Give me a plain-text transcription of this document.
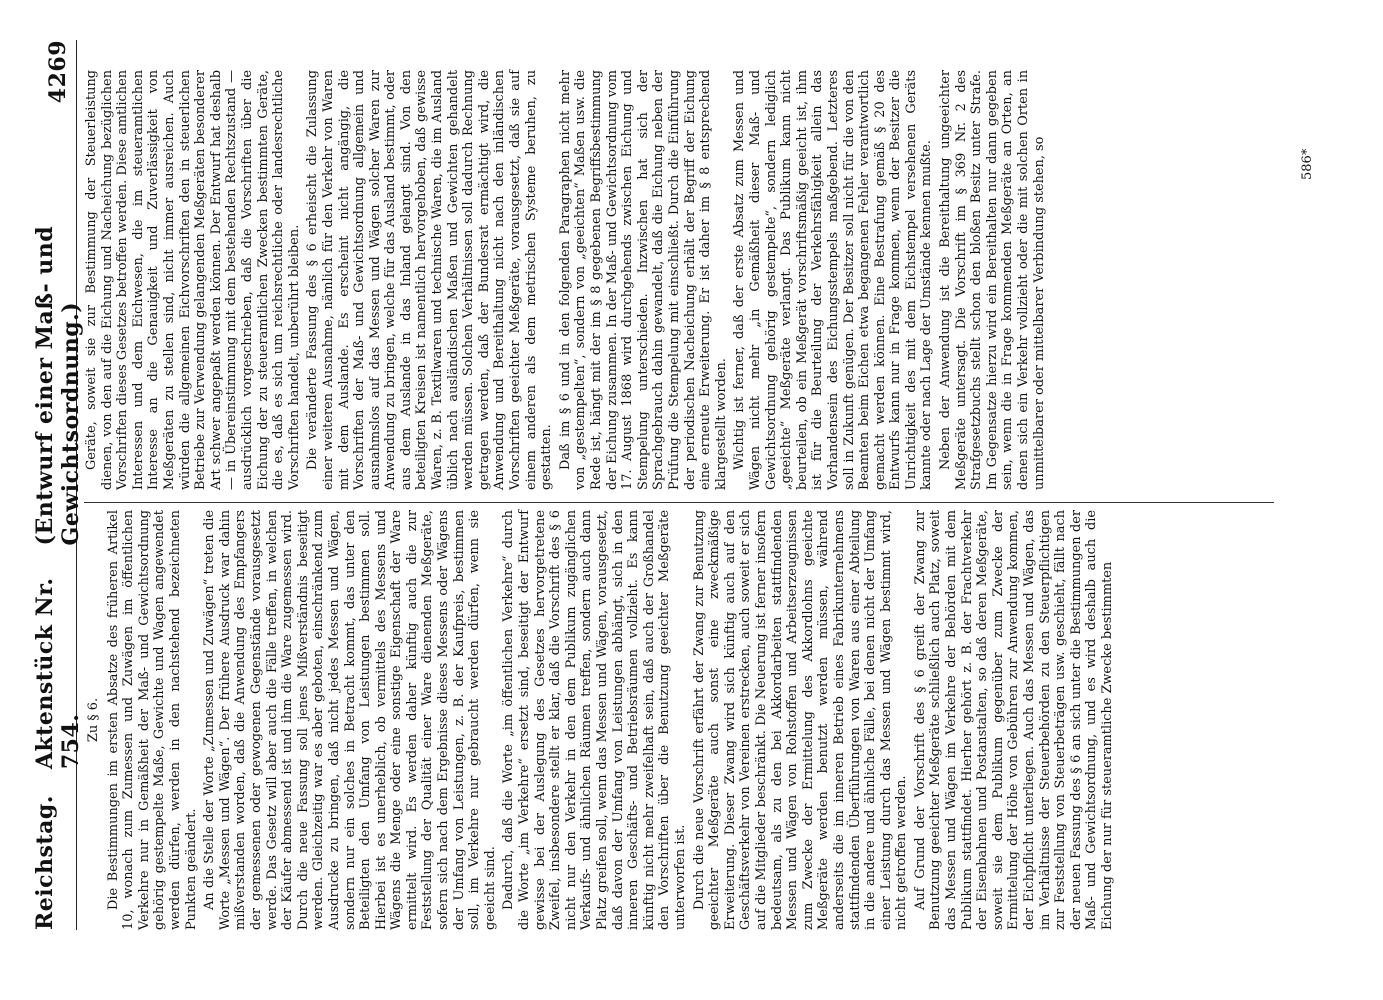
Reichstag.
Aktenstück Nr. 754.
(Entwurf einer Maß- und Gewichtsordnung.)
4269

Zu § 6. Die Bestimmungen im ersten Absatze des früheren Artikel 10, wonach zum Zumessen und Zuwägen im öffentlichen Verkehre nur in Gemäßheit der Maß- und Gewichtsordnung gehörig gestempelte Maße, Gewichte und Wagen angewendet werden dürfen, werden in den nachstehend bezeichneten Punkten geändert. An die Stelle der Worte „Zumessen und Zuwägen“ treten die Worte „Messen und Wägen“. Der frühere Ausdruck war dahin mißverstanden worden, daß die Anwendung des Empfangers der gemessenen oder gewogenen Gegenstände vorausgesetzt werde. Das Gesetz will aber auch die Fälle treffen, in welchen der Käufer abmessend ist und ihm die Ware zugemessen wird. Durch die neue Fassung soll jenes Mißverständnis beseitigt werden. Gleichzeitig war es aber geboten, einschränkend zum Ausdrucke zu bringen, daß nicht jedes Messen und Wägen, sondern nur ein solches in Betracht kommt, das unter den Beteiligten den Umfang von Leistungen bestimmen soll. Hierbei ist es unerheblich, ob vermittels des Messens und Wägens die Menge oder eine sonstige Eigenschaft der Ware ermittelt wird. Es werden daher künftig auch die zur Feststellung der Qualität einer Ware dienenden Meßgeräte, sofern sich nach dem Ergebnisse dieses Messens oder Wägens der Umfang von Leistungen, z. B. der Kaufpreis, bestimmen soll, im Verkehre nur gebraucht werden dürfen, wenn sie geeicht sind. Dadurch, daß die Worte „im öffentlichen Verkehre“ durch die Worte „im Verkehre“ ersetzt sind, beseitigt der Entwurf gewisse bei der Auslegung des Gesetzes hervorgetretene Zweifel, insbesondere stellt er klar, daß die Vorschrift des § 6 nicht nur den Verkehr in den dem Publikum zugänglichen Verkaufs- und ähnlichen Räumen treffen, sondern auch dann Platz greifen soll, wenn das Messen und Wägen, vorausgesetzt, daß davon der Umfang von Leistungen abhängt, sich in den inneren Geschäfts- und Betriebsräumen vollzieht. Es kann künftig nicht mehr zweifelhaft sein, daß auch der Großhandel den Vorschriften über die Benutzung geeichter Meßgeräte unterworfen ist. Durch die neue Vorschrift erfährt der Zwang zur Benutzung geeichter Meßgeräte auch sonst eine zweckmäßige Erweiterung. Dieser Zwang wird sich künftig auch auf den Geschäftsverkehr von Vereinen erstrecken, auch soweit er sich auf die Mitglieder beschränkt. Die Neuerung ist ferner insofern bedeutsam, als zu den bei Akkordarbeiten stattfindenden Messen und Wägen von Rohstoffen und Arbeitserzeugnissen zum Zwecke der Ermittelung des Akkordlohns geeichte Meßgeräte werden benutzt werden müssen, während anderseits die im inneren Betrieb eines Fabrikunternehmens stattfindenden Überführungen von Waren aus einer Abteilung in die andere und ähnliche Fälle, bei denen nicht der Umfang einer Leistung durch das Messen und Wägen bestimmt wird, nicht getroffen werden. Auf Grund der Vorschrift des § 6 greift der Zwang zur Benutzung geeichter Meßgeräte schließlich auch Platz, soweit das Messen und Wägen im Verkehre der Behörden mit dem Publikum stattfindet. Hierher gehört z. B. der Frachtverkehr der Eisenbahnen und Postanstalten, so daß deren Meßgeräte, soweit sie dem Publikum gegenüber zum Zwecke der Ermittelung der Höhe von Gebühren zur Anwendung kommen, der Eichpflicht unterliegen. Auch das Messen und Wägen, das im Verhältnisse der Steuerbehörden zu den Steuerpflichtigen zur Feststellung von Steuerbeträgen usw. geschieht, fällt nach der neuen Fassung des § 6 an sich unter die Bestimmungen der Maß- und Gewichtsordnung, und es wird deshalb auch die Eichung der nur für steueramtliche Zwecke bestimmten

Geräte, soweit sie zur Bestimmung der Steuerleistung dienen, von den auf die Eichung und Nacheichung bezüglichen Vorschriften dieses Gesetzes betroffen werden. Diese amtlichen Interessen und dem Eichwesen, die im steueramtlichen Interesse an die Genauigkeit und Zuverlässigkeit von Meßgeräten zu stellen sind, nicht immer ausreichen. Auch würden die allgemeinen Eichvorschriften den in steuerlichen Betriebe zur Verwendung gelangenden Meßgeräten besonderer Art schwer angepaßt werden können. Der Entwurf hat deshalb — in Übereinstimmung mit dem bestehenden Rechtszustand — ausdrücklich vorgeschrieben, daß die Vorschriften über die Eichung der zu steueramtlichen Zwecken bestimmten Geräte, die es, daß es sich um reichsrechtliche oder landesrechtliche Vorschriften handelt, unberührt bleiben. Die veränderte Fassung des § 6 erheischt die Zulassung einer weiteren Ausnahme, nämlich für den Verkehr von Waren mit dem Auslande. Es erscheint nicht angängig, die Vorschriften der Maß- und Gewichtsordnung allgemein und ausnahmslos auf das Messen und Wägen solcher Waren zur Anwendung zu bringen, welche für das Ausland bestimmt, oder aus dem Auslande in das Inland gelangt sind. Von den beteiligten Kreisen ist namentlich hervorgehoben, daß gewisse Waren, z. B. Textilwaren und technische Waren, die im Ausland üblich nach ausländischen Maßen und Gewichten gehandelt werden müssen. Solchen Verhältnissen soll dadurch Rechnung getragen werden, daß der Bundesrat ermächtigt wird, die Anwendung und Bereithaltung nicht nach den inländischen Vorschriften geeichter Meßgeräte, vorausgesetzt, daß sie auf einem anderen als dem metrischen Systeme beruhen, zu gestatten. Daß im § 6 und in den folgenden Paragraphen nicht mehr von „gestempelten“, sondern von „geeichten“ Maßen usw. die Rede ist, hängt mit der im § 8 gegebenen Begriffsbestimmung der Eichung zusammen. In der Maß- und Gewichtsordnung vom 17. August 1868 wird durchgehends zwischen Eichung und Stempelung unterschieden. Inzwischen hat sich der Sprachgebrauch dahin gewandelt, daß die Eichung neben der Prüfung die Stempelung mit einschließt. Durch die Einführung der periodischen Nacheichung erhält der Begriff der Eichung eine erneute Erweiterung. Er ist daher im § 8 entsprechend klargestellt worden. Wichtig ist ferner, daß der erste Absatz zum Messen und Wägen nicht mehr „in Gemäßheit dieser Maß- und Gewichtsordnung gehörig gestempelte“, sondern lediglich „geeichte“ Meßgeräte verlangt. Das Publikum kann nicht beurteilen, ob ein Meßgerät vorschriftsmäßig geeicht ist, ihm ist für die Beurteilung der Verkehrsfähigkeit allein das Vorhandensein des Eichungsstempels maßgebend. Letzteres soll in Zukunft genügen. Der Besitzer soll nicht für die von den Beamten beim Eichen etwa begangenen Fehler verantwortlich gemacht werden können. Eine Bestrafung gemäß § 20 des Entwurfs kann nur in Frage kommen, wenn der Besitzer die Unrichtigkeit des mit dem Eichstempel versehenen Geräts kannte oder nach Lage der Umstände kennen mußte. Neben der Anwendung ist die Bereithaltung ungeeichter Meßgeräte untersagt. Die Vorschrift im § 369 Nr. 2 des Strafgesetzbuchs stellt schon den bloßen Besitz unter Strafe. Im Gegensatze hierzu wird ein Bereithalten nur dann gegeben sein, wenn die in Frage kommenden Meßgeräte an Orten, an denen sich ein Verkehr vollzieht oder die mit solchen Orten in unmittelbarer oder mittelbarer Verbindung stehen, so	586*
